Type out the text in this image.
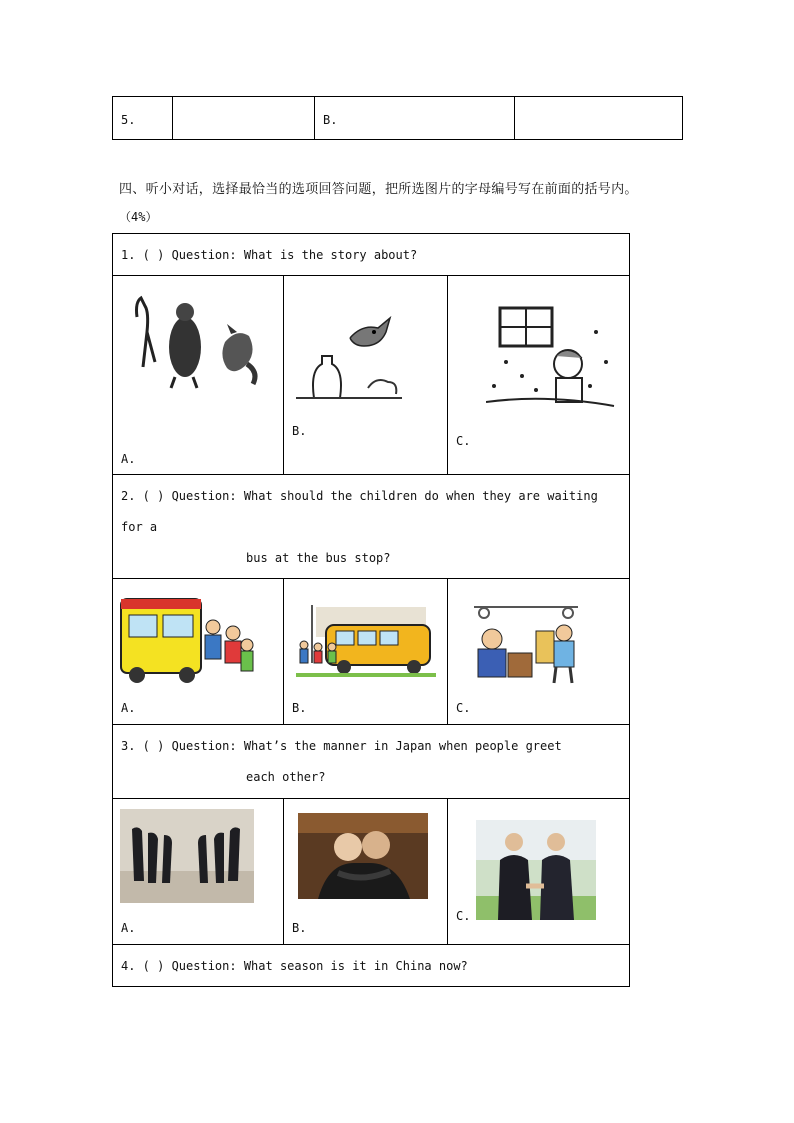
5.		B.

四、听小对话，选择最恰当的选项回答问题，把所选图片的字母编号写在前面的括号内。
（4%）
1. ( ) Question: What is the story about?		

A.	B.	C.

2. ( ) Question: What should the children do when they are waiting
for a
bus at the bus stop?		

A.	B.	C.

3. ( ) Question: What’s the manner in Japan when people greet
each other?		

A.	B.	C.

4. ( ) Question: What season is it in China now?		
